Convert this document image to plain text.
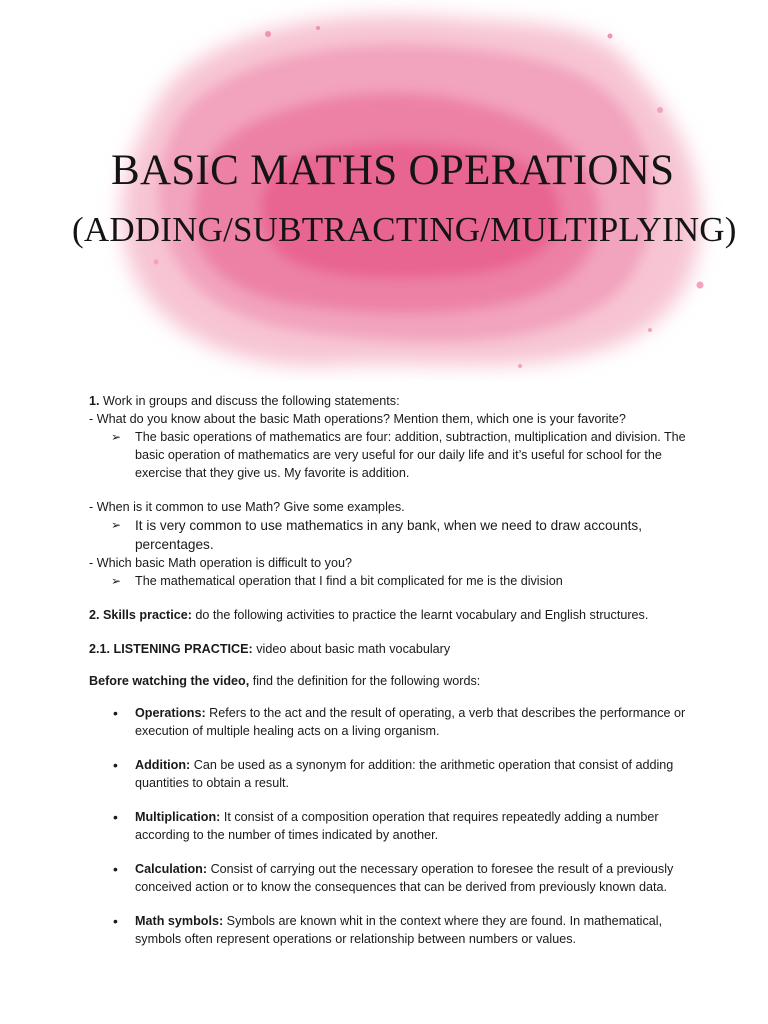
BASIC MATHS OPERATIONS
(ADDING/SUBTRACTING/MULTIPLYING)

1. Work in groups and discuss the following statements:

- What do you know about the basic Math operations? Mention them, which one is your favorite?

➢ The basic operations of mathematics are four: addition, subtraction, multiplication and division. The basic operation of mathematics are very useful for our daily life and it’s useful for school for the exercise that they give us. My favorite is addition.

- When is it common to use Math? Give some examples.

➢ It is very common to use mathematics in any bank, when we need to draw accounts, percentages.

- Which basic Math operation is difficult to you?

➢ The mathematical operation that I find a bit complicated for me is the division

2. Skills practice: do the following activities to practice the learnt vocabulary and English structures.

2.1. LISTENING PRACTICE: video about basic math vocabulary

Before watching the video, find the definition for the following words:

• Operations: Refers to the act and the result of operating, a verb that describes the performance or execution of multiple healing acts on a living organism.
• Addition: Can be used as a synonym for addition: the arithmetic operation that consist of adding quantities to obtain a result.
• Multiplication: It consist of a composition operation that requires repeatedly adding a number according to the number of times indicated by another.
• Calculation: Consist of carrying out the necessary operation to foresee the result of a previously conceived action or to know the consequences that can be derived from previously known data.
• Math symbols: Symbols are known whit in the context where they are found. In mathematical, symbols often represent operations or relationship between numbers or values.
